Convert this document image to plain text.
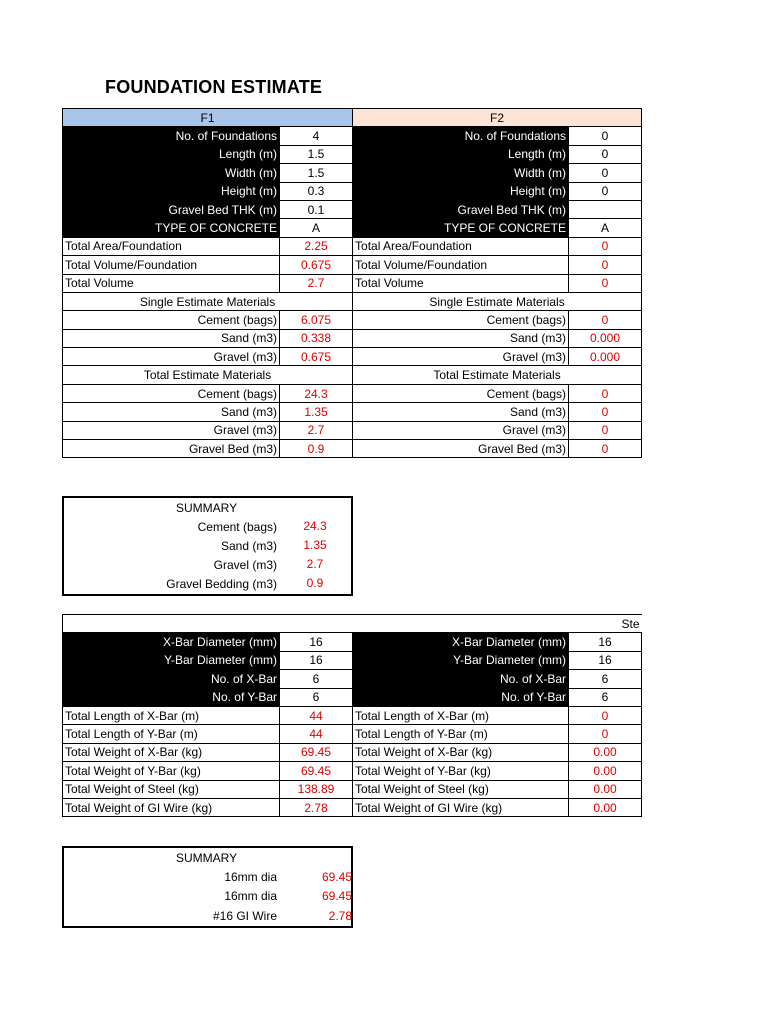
FOUNDATION ESTIMATE
F1		F2	
No. of Foundations	4	No. of Foundations	0
Length (m)	1.5	Length (m)	0
Width (m)	1.5	Width (m)	0
Height (m)	0.3	Height (m)	0
Gravel Bed THK (m)	0.1	Gravel Bed THK (m)	
TYPE OF CONCRETE	A	TYPE OF CONCRETE	A
Total Area/Foundation	2.25	Total Area/Foundation	0
Total Volume/Foundation	0.675	Total Volume/Foundation	0
Total Volume	2.7	Total Volume	0
Single Estimate Materials		Single Estimate Materials	
Cement (bags)	6.075	Cement (bags)	0
Sand (m3)	0.338	Sand (m3)	0.000
Gravel (m3)	0.675	Gravel (m3)	0.000
Total Estimate Materials		Total Estimate Materials	
Cement (bags)	24.3	Cement (bags)	0
Sand (m3)	1.35	Sand (m3)	0
Gravel (m3)	2.7	Gravel (m3)	0
Gravel Bed (m3)	0.9	Gravel Bed (m3)	0
SUMMARY
Cement (bags)	24.3
Sand (m3)	1.35
Gravel (m3)	2.7
Gravel Bedding (m3)	0.9
Ste			
X-Bar Diameter (mm)	16	X-Bar Diameter (mm)	16
Y-Bar Diameter (mm)	16	Y-Bar Diameter (mm)	16
No. of X-Bar	6	No. of X-Bar	6
No. of Y-Bar	6	No. of Y-Bar	6
Total Length of X-Bar (m)	44	Total Length of X-Bar (m)	0
Total Length of Y-Bar (m)	44	Total Length of Y-Bar (m)	0
Total Weight of X-Bar (kg)	69.45	Total Weight of X-Bar (kg)	0.00
Total Weight of Y-Bar (kg)	69.45	Total Weight of Y-Bar (kg)	0.00
Total Weight of Steel (kg)	138.89	Total Weight of Steel (kg)	0.00
Total Weight of GI Wire (kg)	2.78	Total Weight of GI Wire (kg)	0.00
SUMMARY
16mm dia	69.45
16mm dia	69.45
#16 GI Wire	2.78
